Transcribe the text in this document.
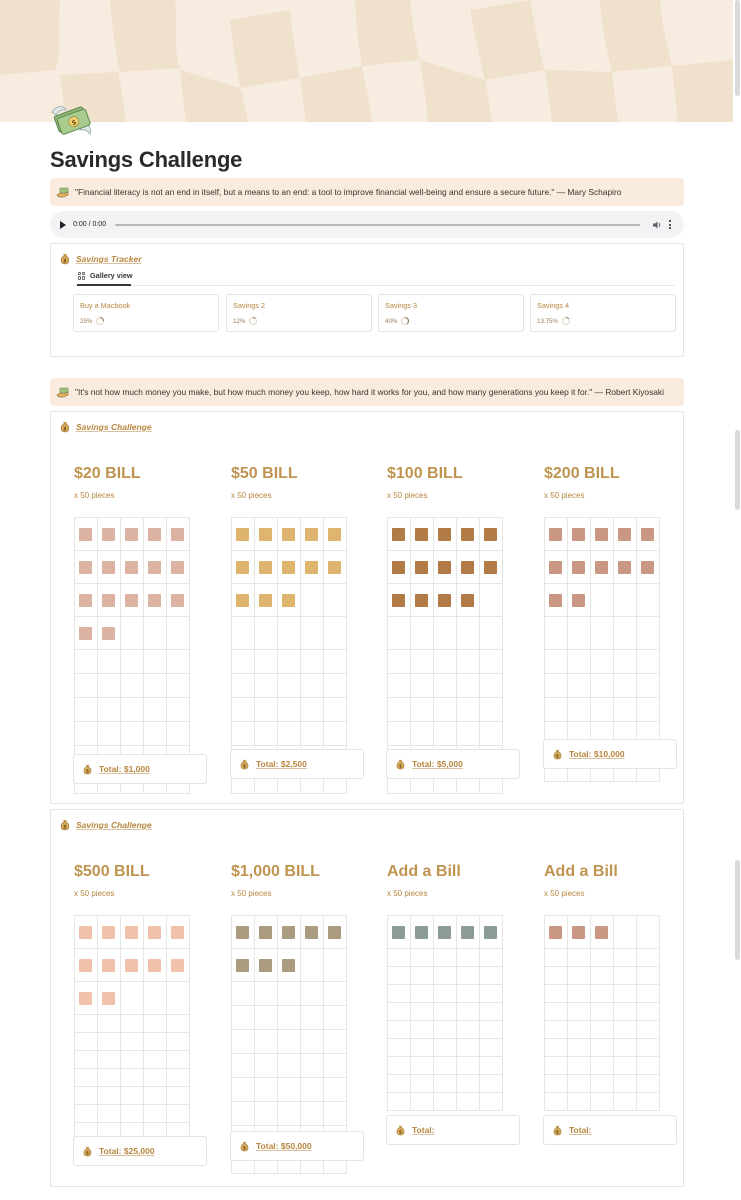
$
Savings Challenge
"Financial literacy is not an end in itself, but a means to an end: a tool to improve financial well-being and ensure a secure future." — Mary Schapiro
0:00 / 0:00
$ Savings Tracker
Gallery view
Buy a Macbook
25%
Savings 2
12%
Savings 3
40%
Savings 4
13.75%
"It's not how much money you make, but how much money you keep, how hard it works for you, and how many generations you keep it for." — Robert Kiyosaki
$ Savings Challenge
$20 BILL
x 50 pieces
$ Total: $1,000
$50 BILL
x 50 pieces
$ Total: $2,500
$100 BILL
x 50 pieces
$ Total: $5,000
$200 BILL
x 50 pieces
$ Total: $10,000
$ Savings Challenge
$500 BILL
x 50 pieces
$ Total: $25,000
$1,000 BILL
x 50 pieces
$ Total: $50,000
Add a Bill
x 50 pieces
$ Total:
Add a Bill
x 50 pieces
$ Total:
